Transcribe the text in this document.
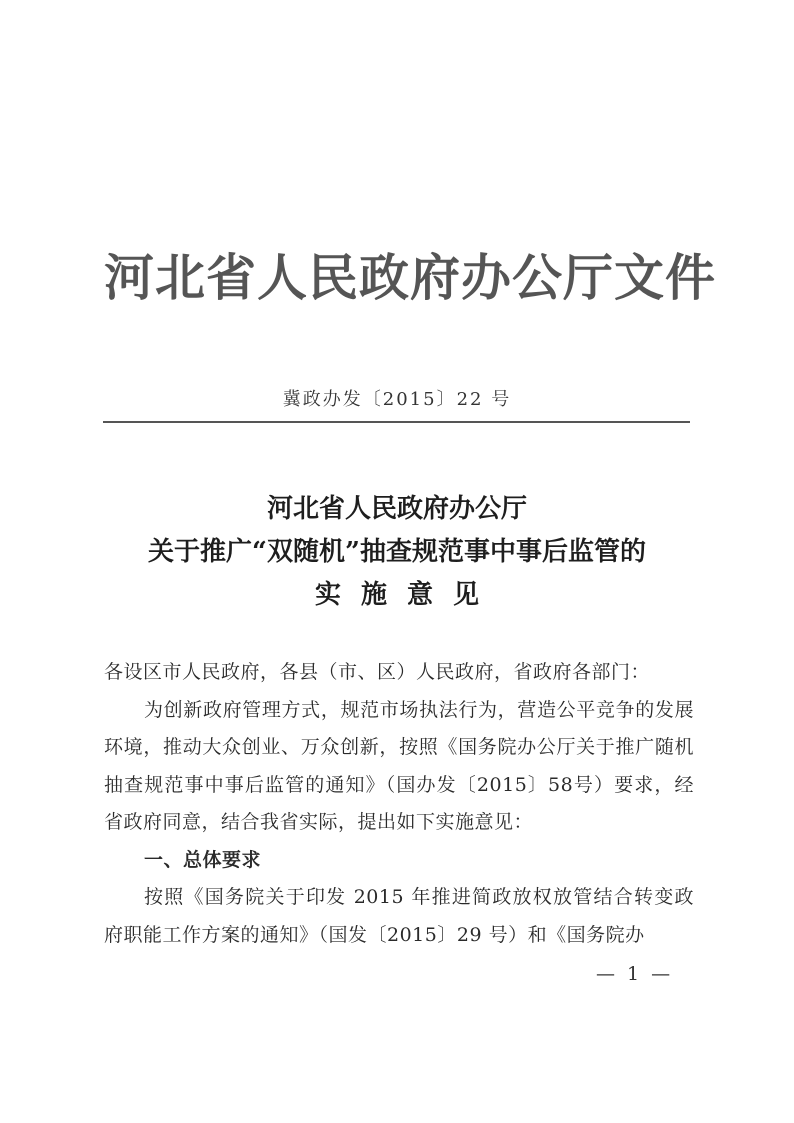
河北省人民政府办公厅文件
冀政办发〔2015〕22 号
河北省人民政府办公厅
关于推广“双随机”抽查规范事中事后监管的
实施意见

各设区市人民政府，各县（市、区）人民政府，省政府各部门：

为创新政府管理方式，规范市场执法行为，营造公平竞争的发展环境，推动大众创业、万众创新，按照《国务院办公厅关于推广随机抽查规范事中事后监管的通知》（国办发〔2015〕58号）要求，经省政府同意，结合我省实际，提出如下实施意见：

一、总体要求

按照《国务院关于印发 2015 年推进简政放权放管结合转变政府职能工作方案的通知》（国发〔2015〕29 号）和《国务院办

— 1 —
